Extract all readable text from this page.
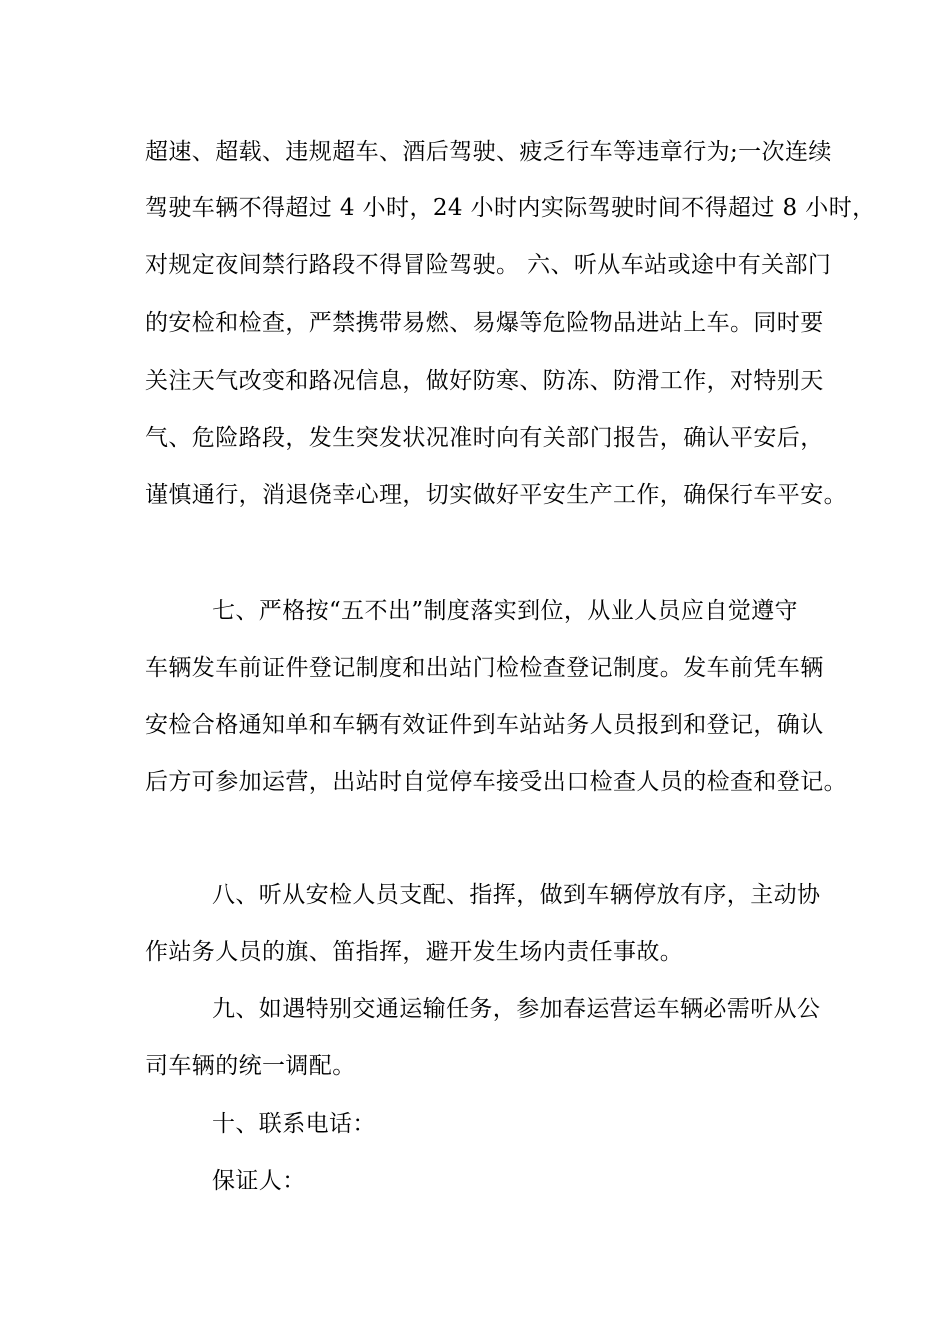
超速、超载、违规超车、酒后驾驶、疲乏行车等违章行为;一次连续
驾驶车辆不得超过 4 小时，24 小时内实际驾驶时间不得超过 8 小时，
对规定夜间禁行路段不得冒险驾驶。 六、听从车站或途中有关部门
的安检和检查，严禁携带易燃、易爆等危险物品进站上车。同时要
关注天气改变和路况信息，做好防寒、防冻、防滑工作，对特别天
气、危险路段，发生突发状况准时向有关部门报告，确认平安后，
谨慎通行，消退侥幸心理，切实做好平安生产工作，确保行车平安。
七、严格按“五不出”制度落实到位，从业人员应自觉遵守
车辆发车前证件登记制度和出站门检检查登记制度。发车前凭车辆
安检合格通知单和车辆有效证件到车站站务人员报到和登记，确认
后方可参加运营，出站时自觉停车接受出口检查人员的检查和登记。
八、听从安检人员支配、指挥，做到车辆停放有序，主动协
作站务人员的旗、笛指挥，避开发生场内责任事故。
九、如遇特别交通运输任务，参加春运营运车辆必需听从公
司车辆的统一调配。
十、联系电话：
保证人：
